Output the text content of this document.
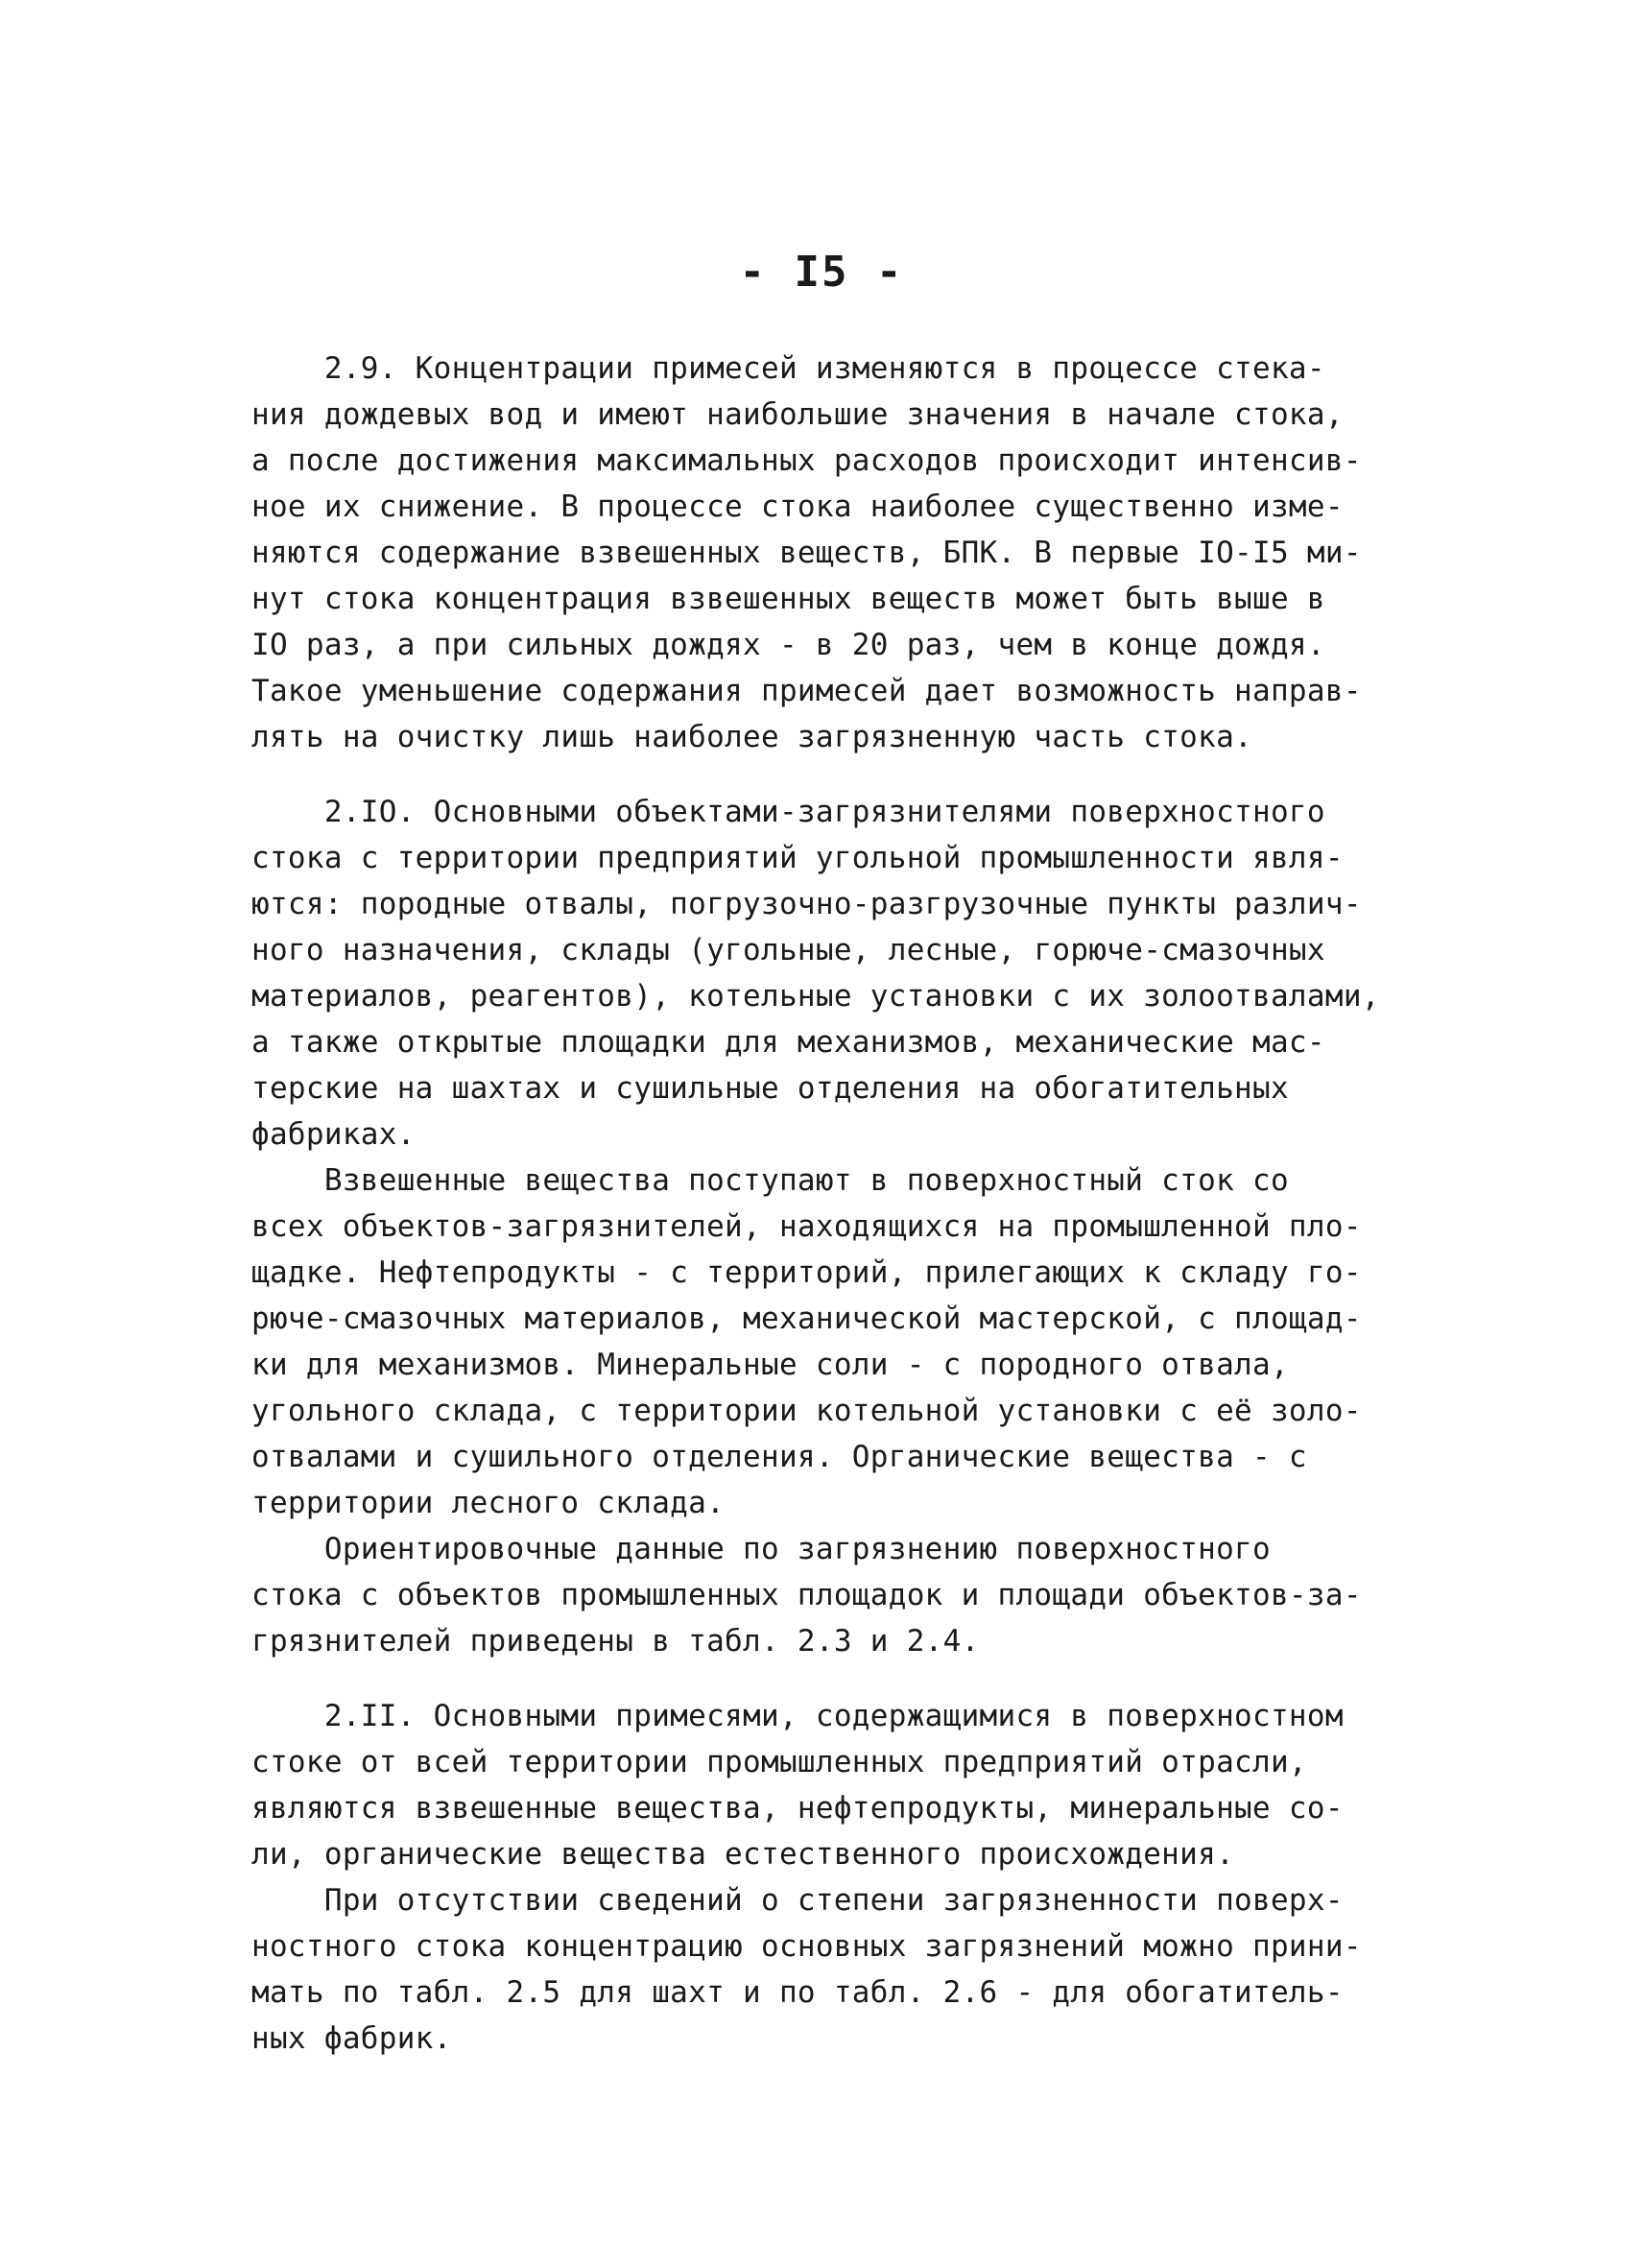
- I5 -
2.9. Концентрации примесей изменяются в процессе стека-
ния дождевых вод и имеют наибольшие значения в начале стока,
а после достижения максимальных расходов происходит интенсив-
ное их снижение. В процессе стока наиболее существенно изме-
няются содержание взвешенных веществ, БПК. В первые IO-I5 ми-
нут стока концентрация взвешенных веществ может быть выше в
IO раз, а при сильных дождях - в 20 раз, чем в конце дождя.
Такое уменьшение содержания примесей дает возможность направ-
лять на очистку лишь наиболее загрязненную часть стока.
2.IO. Основными объектами-загрязнителями поверхностного
стока с территории предприятий угольной промышленности явля-
ются: породные отвалы, погрузочно-разгрузочные пункты различ-
ного назначения, склады (угольные, лесные, горюче-смазочных
материалов, реагентов), котельные установки с их золоотвалами,
а также открытые площадки для механизмов, механические мас-
терские на шахтах и сушильные отделения на обогатительных
фабриках.
Взвешенные вещества поступают в поверхностный сток со
всех объектов-загрязнителей, находящихся на промышленной пло-
щадке. Нефтепродукты - с территорий, прилегающих к складу го-
рюче-смазочных материалов, механической мастерской, с площад-
ки для механизмов. Минеральные соли - с породного отвала,
угольного склада, с территории котельной установки с её золо-
отвалами и сушильного отделения. Органические вещества - с
территории лесного склада.
Ориентировочные данные по загрязнению поверхностного
стока с объектов промышленных площадок и площади объектов-за-
грязнителей приведены в табл. 2.3 и 2.4.
2.II. Основными примесями, содержащимися в поверхностном
стоке от всей территории промышленных предприятий отрасли,
являются взвешенные вещества, нефтепродукты, минеральные со-
ли, органические вещества естественного происхождения.
При отсутствии сведений о степени загрязненности поверх-
ностного стока концентрацию основных загрязнений можно прини-
мать по табл. 2.5 для шахт и по табл. 2.6 - для обогатитель-
ных фабрик.
